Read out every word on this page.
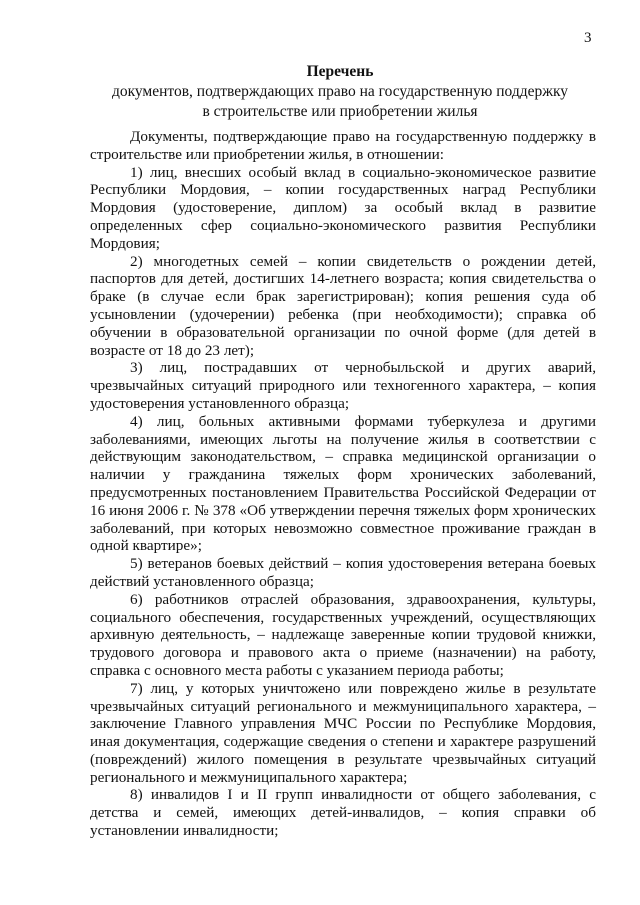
3
Перечень
документов, подтверждающих право на государственную поддержку
в строительстве или приобретении жилья

Документы, подтверждающие право на государственную поддержку в строительстве или приобретении жилья, в отношении:

1) лиц, внесших особый вклад в социально-экономическое развитие Республики Мордовия, – копии государственных наград Республики Мордовия (удостоверение, диплом) за особый вклад в развитие определенных сфер социально-экономического развития Республики Мордовия;

2) многодетных семей – копии свидетельств о рождении детей, паспортов для детей, достигших 14-летнего возраста; копия свидетельства о браке (в случае если брак зарегистрирован); копия решения суда об усыновлении (удочерении) ребенка (при необходимости); справка об обучении в образовательной организации по очной форме (для детей в возрасте от 18 до 23 лет);

3) лиц, пострадавших от чернобыльской и других аварий, чрезвычайных ситуаций природного или техногенного характера, – копия удостоверения установленного образца;

4) лиц, больных активными формами туберкулеза и другими заболеваниями, имеющих льготы на получение жилья в соответствии с действующим законодательством, – справка медицинской организации о наличии у гражданина тяжелых форм хронических заболеваний, предусмотренных постановлением Правительства Российской Федерации от 16 июня 2006 г. № 378 «Об утверждении перечня тяжелых форм хронических заболеваний, при которых невозможно совместное проживание граждан в одной квартире»;

5) ветеранов боевых действий – копия удостоверения ветерана боевых действий установленного образца;

6) работников отраслей образования, здравоохранения, культуры, социального обеспечения, государственных учреждений, осуществляющих архивную деятельность, – надлежаще заверенные копии трудовой книжки, трудового договора и правового акта о приеме (назначении) на работу, справка с основного места работы с указанием периода работы;

7) лиц, у которых уничтожено или повреждено жилье в результате чрезвычайных ситуаций регионального и межмуниципального характера, – заключение Главного управления МЧС России по Республике Мордовия, иная документация, содержащие сведения о степени и характере разрушений (повреждений) жилого помещения в результате чрезвычайных ситуаций регионального и межмуниципального характера;

8) инвалидов I и II групп инвалидности от общего заболевания, с детства и семей, имеющих детей-инвалидов, – копия справки об установлении инвалидности;
